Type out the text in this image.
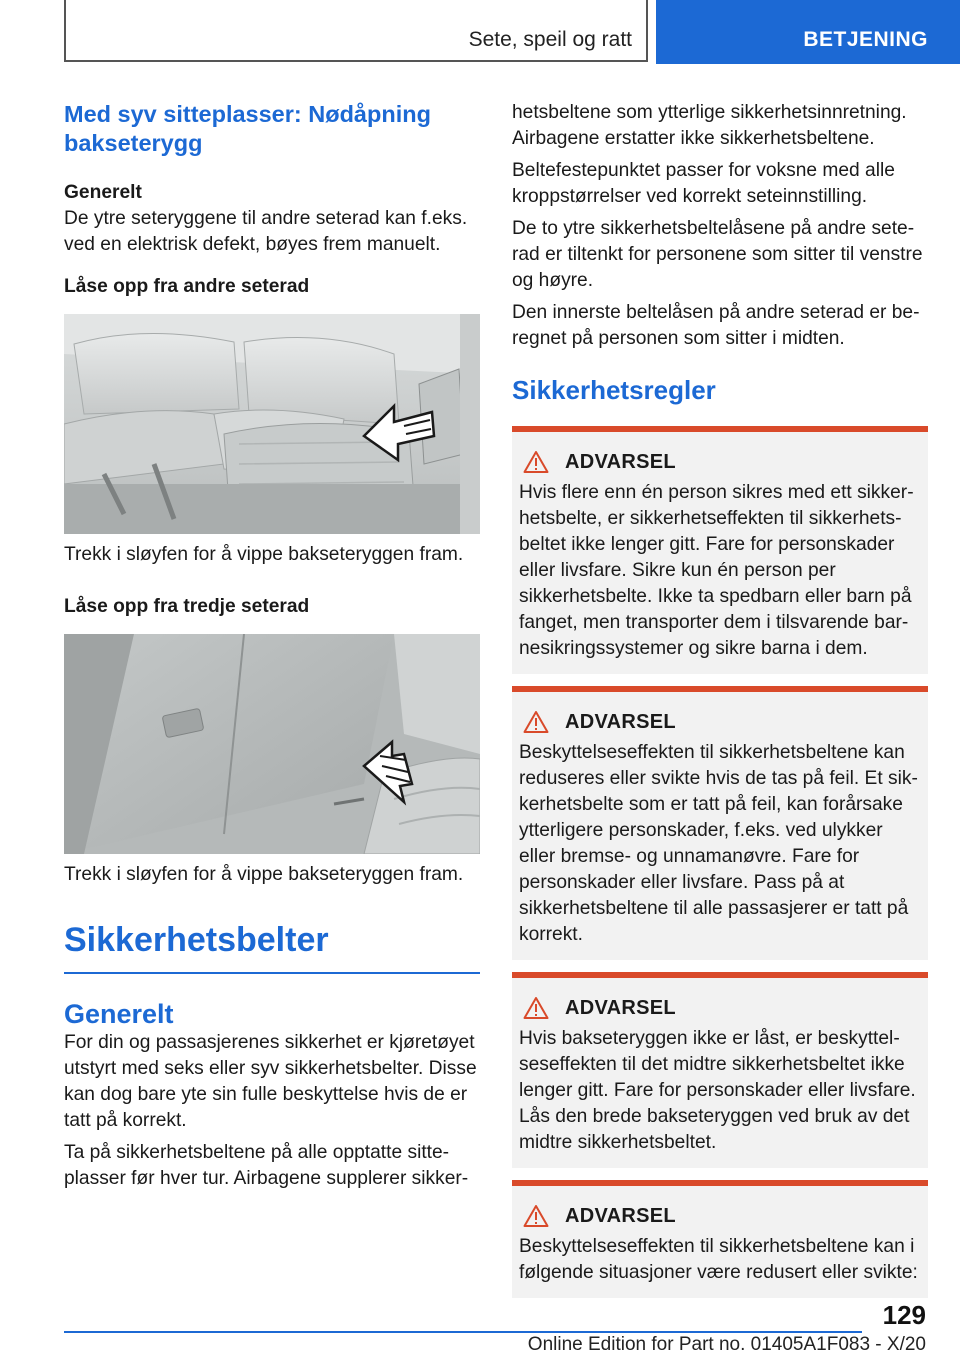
Sete, speil og ratt	BETJENING
Med syv sitteplasser: Nødåpning bakseterygg
Generelt

De ytre seteryggene til andre seterad kan f.eks. ved en elektrisk defekt, bøyes frem manuelt.

Låse opp fra andre seterad

Trekk i sløyfen for å vippe bakseteryggen fram.

Låse opp fra tredje seterad

Trekk i sløyfen for å vippe bakseteryggen fram.

Sikkerhetsbelter
Generelt

For din og passasjerenes sikkerhet er kjøretøyet utstyrt med seks eller syv sikkerhetsbelter. Disse kan dog bare yte sin fulle beskyttelse hvis de er tatt på korrekt.

Ta på sikkerhetsbeltene på alle opptatte sitteplasser før hver tur. Airbagene supplerer sikker-

hetsbeltene som ytterlige sikkerhetsinnretning. Airbagene erstatter ikke sikkerhetsbeltene.

Beltefestepunktet passer for voksne med alle kroppstørrelser ved korrekt seteinnstilling.

De to ytre sikkerhetsbeltelåsene på andre seterad er tiltenkt for personene som sitter til venstre og høyre.

Den innerste beltelåsen på andre seterad er beregnet på personen som sitter i midten.

Sikkerhetsregler
ADVARSEL

Hvis flere enn én person sikres med ett sikkerhetsbelte, er sikkerhetseffekten til sikkerhetsbeltet ikke lenger gitt. Fare for personskader eller livsfare. Sikre kun én person per sikkerhetsbelte. Ikke ta spedbarn eller barn på fanget, men transporter dem i tilsvarende barnesikringssystemer og sikre barna i dem.

ADVARSEL

Beskyttelseseffekten til sikkerhetsbeltene kan reduseres eller svikte hvis de tas på feil. Et sikkerhetsbelte som er tatt på feil, kan forårsake ytterligere personskader, f.eks. ved ulykker eller bremse- og unnamanøvre. Fare for personskader eller livsfare. Pass på at sikkerhetsbeltene til alle passasjerer er tatt på korrekt.

ADVARSEL

Hvis bakseteryggen ikke er låst, er beskyttelseseffekten til det midtre sikkerhetsbeltet ikke lenger gitt. Fare for personskader eller livsfare. Lås den brede bakseteryggen ved bruk av det midtre sikkerhetsbeltet.

ADVARSEL

Beskyttelseseffekten til sikkerhetsbeltene kan i følgende situasjoner være redusert eller svikte:

129
Online Edition for Part no. 01405A1F083 - X/20
